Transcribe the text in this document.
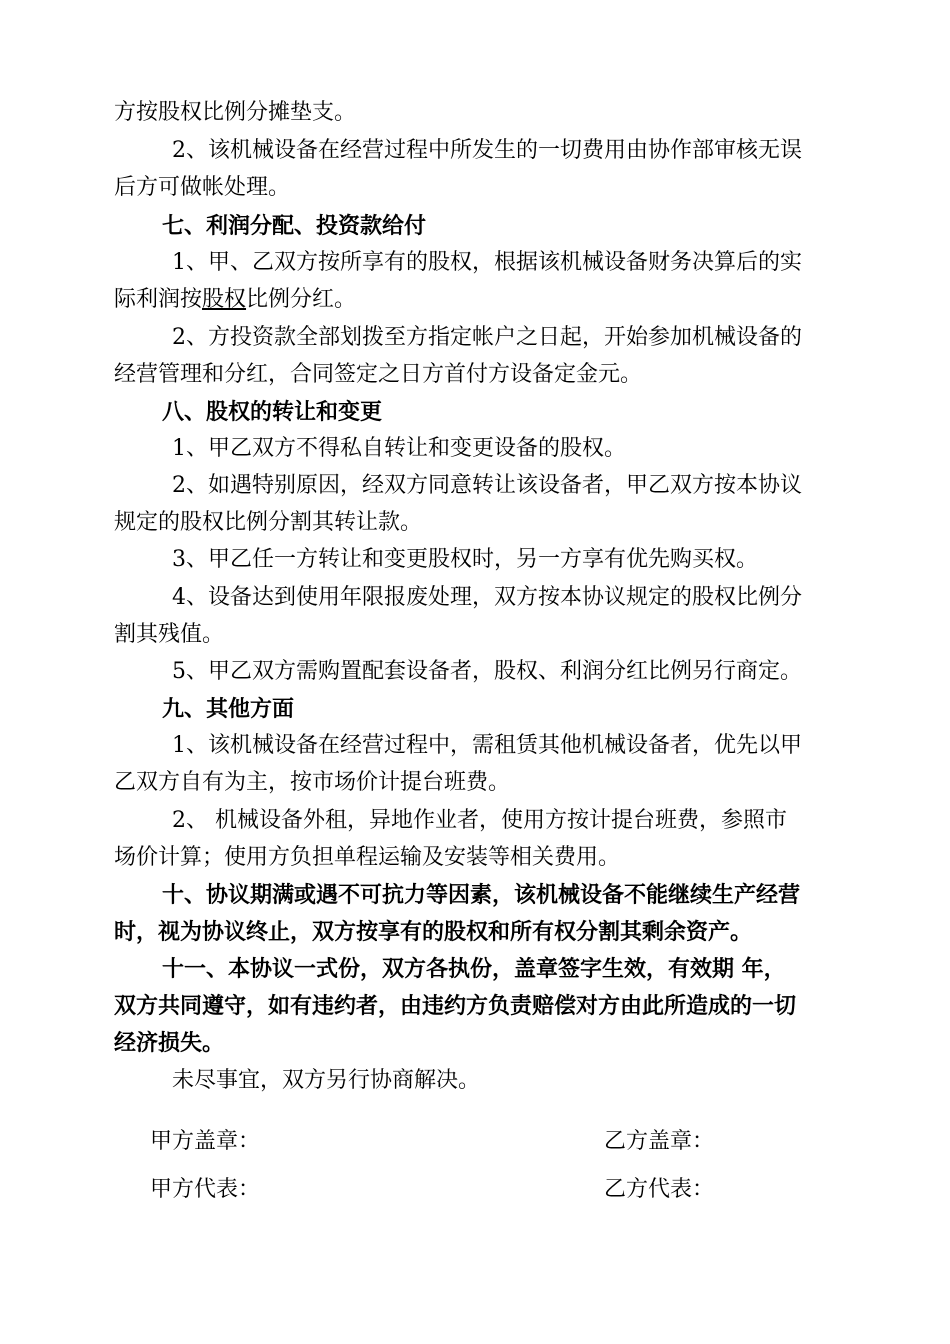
方按股权比例分摊垫支。
2、该机械设备在经营过程中所发生的一切费用由协作部审核无误
后方可做帐处理。
七、利润分配、投资款给付
1、甲、乙双方按所享有的股权，根据该机械设备财务决算后的实
际利润按股权比例分红。
2、方投资款全部划拨至方指定帐户之日起，开始参加机械设备的
经营管理和分红，合同签定之日方首付方设备定金元。
八、股权的转让和变更
1、甲乙双方不得私自转让和变更设备的股权。
2、如遇特别原因，经双方同意转让该设备者，甲乙双方按本协议
规定的股权比例分割其转让款。
3、甲乙任一方转让和变更股权时，另一方享有优先购买权。
4、设备达到使用年限报废处理，双方按本协议规定的股权比例分
割其残值。
5、甲乙双方需购置配套设备者，股权、利润分红比例另行商定。
九、其他方面
1、该机械设备在经营过程中，需租赁其他机械设备者，优先以甲
乙双方自有为主，按市场价计提台班费。
2、 机械设备外租，异地作业者，使用方按计提台班费，参照市
场价计算；使用方负担单程运输及安装等相关费用。
十、协议期满或遇不可抗力等因素，该机械设备不能继续生产经营
时，视为协议终止，双方按享有的股权和所有权分割其剩余资产。
十一、本协议一式份，双方各执份，盖章签字生效，有效期 年，
双方共同遵守，如有违约者，由违约方负责赔偿对方由此所造成的一切
经济损失。
未尽事宜，双方另行协商解决。
甲方盖章：	乙方盖章：
甲方代表：	乙方代表：
